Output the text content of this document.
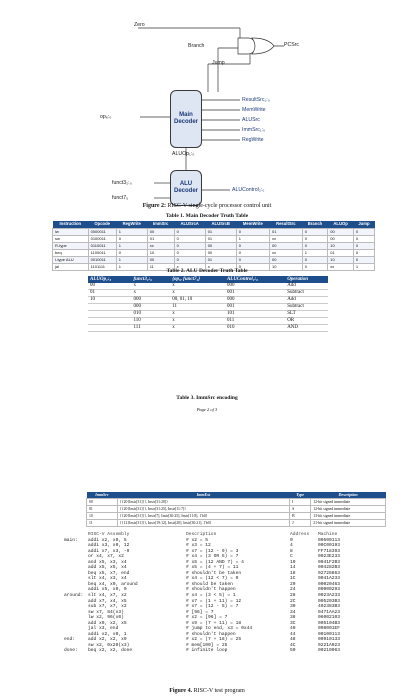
Zero
Branch	PCSrc
Jump
op₆:₀
ALUOp₁:₀
funct3₂:₀
funct7₅
ALUControl₂:₀
Main
Decoder
ALU
Decoder
ResultSrc₁:₀
MemWrite
ALUSrc
ImmSrc₁:₀
RegWrite
Figure 2: RISC-V single-cycle processor control unit
Table 1. Main Decoder Truth Table
Instruction	Opcode	RegWrite	ImmSrc	ALUSrcA	ALUSrcB	MemWrite	ResultSrc	Branch	ALUOp	Jump
lw	0000011	1	00	0	01	0	01	0	00	0
sw	0100011	0	01	0	01	1	xx	0	00	0
R-type	0110011	1	xx	0	00	0	00	0	10	0
beq	1100011	0	10	0	00	0	xx	1	01	0
I-type ALU	0010011	1	00	0	01	0	00	0	10	0
jal	1101111	1	11	x	x	0	10	0	xx	1
Table 2. ALU Decoder Truth Table
ALUOp₁:₀	funct3₂:₀	{op₅, funct7₅}	ALUControl₂:₀	Operation
00	x	x	000	Add
01	x	x	001	Subtract
10	000	00, 01, 10	000	Add
	000	11	001	Subtract
	010	x	101	SLT
	110	x	011	OR
	111	x	010	AND
Table 3. ImmSrc encoding
Page 2 of 3
ImmSrc	ImmExt	Type	Description
00	{{20{Instr[31]}}, Instr[31:20]}	I	12-bit signed immediate
01	{{20{Instr[31]}}, Instr[31:25], Instr[11:7]}	S	12-bit signed immediate
10	{{20{Instr[31]}}, Instr[7], Instr[30:25], Instr[11:8], 1'b0}	B	13-bit signed immediate
11	{{12{Instr[31]}}, Instr[19:12], Instr[20], Instr[30:21], 1'b0}	J	21-bit signed immediate
RISC-V Assembly	Description	Address	Machine
main:	addi x2, x0, 5	# x2 = 5	0	00500113
addi x3, x0, 12	# x3 = 12	4	00C00193
addi x7, x3, -9	# x7 = (12 - 9) = 3	8	FF718393
or x4, x7, x2	# x4 = (3 OR 5) = 7	C	0023E233
and x5, x3, x4	# x5 = (12 AND 7) = 4	10	0041F2B3
add x5, x5, x4	# x5 = (4 + 7) = 11	14	004282B3
beq x5, x7, end	# shouldn't be taken	18	02728863
slt x4, x3, x4	# x4 = (12 < 7) = 0	1C	0041A233
beq x4, x0, around	# should be taken	20	00020463
addi x5, x0, 0	# shouldn't happen	24	00000293
around:	slt x4, x7, x2	# x4 = (3 < 5) = 1	28	0023A233
add x7, x4, x5	# x7 = (1 + 11) = 12	2C	005203B3
sub x7, x7, x2	# x7 = (12 - 5) = 7	30	402383B3
sw x7, 84(x3)	# [96] = 7	34	0471AA23
lw x2, 96(x0)	# x2 = [96] = 7	38	06002103
add x9, x2, x5	# x9 = (7 + 11) = 18	3C	005104B3
jal x3, end	# jump to end, x3 = 0x44	40	008001EF
addi x2, x0, 1	# shouldn't happen	44	00100113
end:	add x2, x2, x9	# x2 = (7 + 18) = 25	48	00910133
sw x2, 0x20(x3)	# mem[100] = 25	4C	0221A023
done:	beq x2, x2, done	# infinite loop	50	00210063
Figure 4. RISC-V test program
